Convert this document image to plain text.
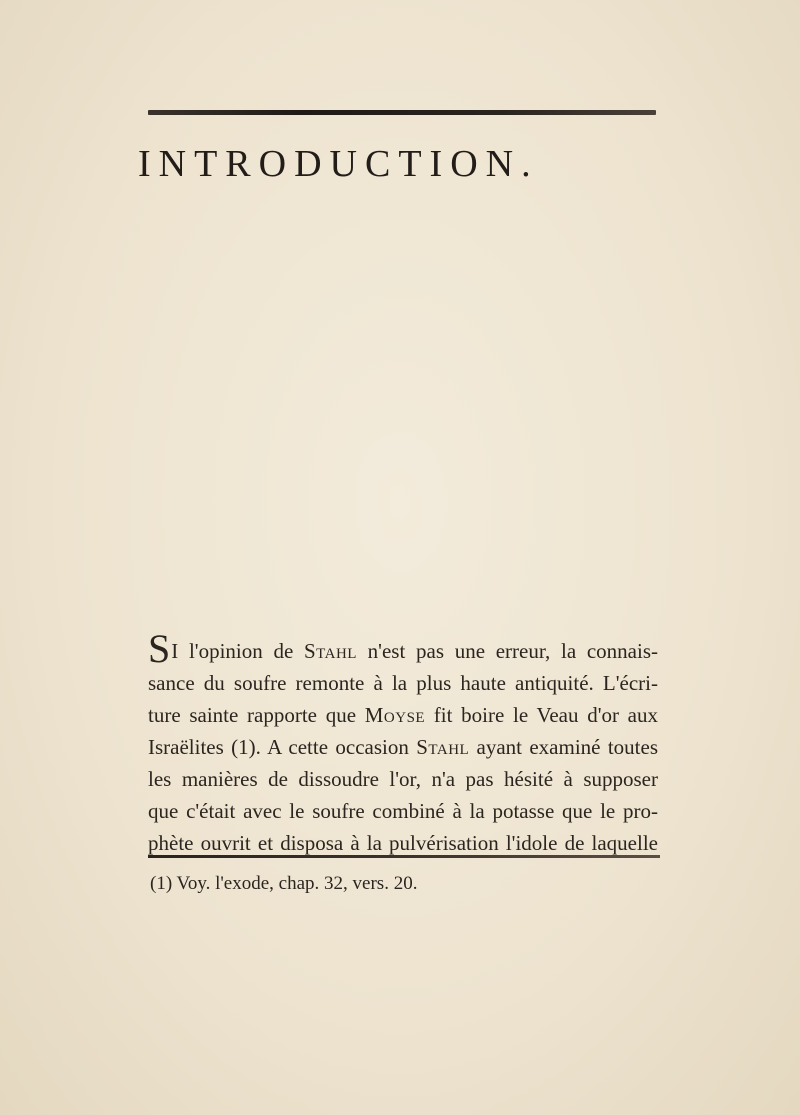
INTRODUCTION.
SI l'opinion de Stahl n'est pas une erreur, la connais-
sance du soufre remonte à la plus haute antiquité. L'écri-
ture sainte rapporte que Moyse fit boire le Veau d'or aux
Israëlites (1). A cette occasion Stahl ayant examiné toutes
les manières de dissoudre l'or, n'a pas hésité à supposer
que c'était avec le soufre combiné à la potasse que le pro-
phète ouvrit et disposa à la pulvérisation l'idole de laquelle
(1) Voy. l'exode, chap. 32, vers. 20.
